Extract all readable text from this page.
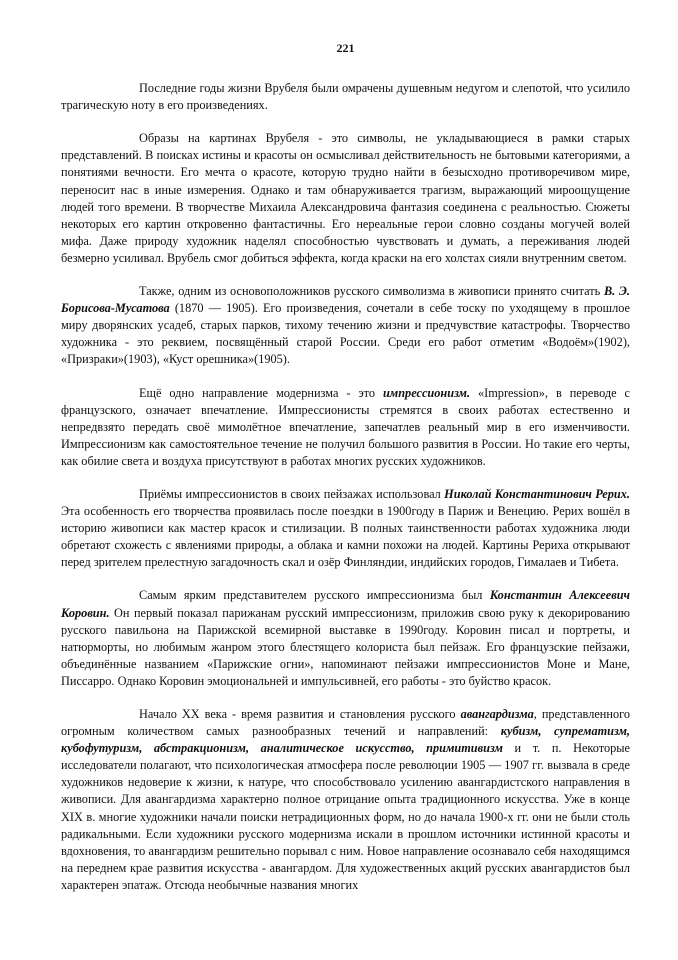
221

Последние годы жизни Врубеля были омрачены душевным недугом и слепотой, что усилило трагическую ноту в его произведениях.

Образы на картинах Врубеля - это символы, не укладывающиеся в рамки старых представлений. В поисках истины и красоты он осмысливал действительность не бытовыми категориями, а понятиями вечности. Его мечта о красоте, которую трудно найти в безысходно противоречивом мире, переносит нас в иные измерения. Однако и там обнаруживается трагизм, выражающий мироощущение людей того времени. В творчестве Михаила Александровича фантазия соединена с реальностью. Сюжеты некоторых его картин откровенно фантастичны. Его нереальные герои словно созданы могучей волей мифа. Даже природу художник наделял способностью чувствовать и думать, а переживания людей безмерно усиливал. Врубель смог добиться эффекта, когда краски на его холстах сияли внутренним светом.

Также, одним из основоположников русского символизма в живописи принято считать В. Э. Борисова-Мусатова (1870 — 1905). Его произведения, сочетали в себе тоску по уходящему в прошлое миру дворянских усадеб, старых парков, тихому течению жизни и предчувствие катастрофы. Творчество художника - это реквием, посвящённый старой России. Среди его работ отметим «Водоём»(1902), «Призраки»(1903), «Куст орешника»(1905).

Ещё одно направление модернизма - это импрессионизм. «Impression», в переводе с французского, означает впечатление. Импрессионисты стремятся в своих работах естественно и непредвзято передать своё мимолётное впечатление, запечатлев реальный мир в его изменчивости. Импрессионизм как самостоятельное течение не получил большого развития в России. Но такие его черты, как обилие света и воздуха присутствуют в работах многих русских художников.

Приёмы импрессионистов в своих пейзажах использовал Николай Константинович Рерих. Эта особенность его творчества проявилась после поездки в 1900году в Париж и Венецию. Рерих вошёл в историю живописи как мастер красок и стилизации. В полных таинственности работах художника люди обретают схожесть с явлениями природы, а облака и камни похожи на людей. Картины Рериха открывают перед зрителем прелестную загадочность скал и озёр Финляндии, индийских городов, Гималаев и Тибета.

Самым ярким представителем русского импрессионизма был Константин Алексеевич Коровин. Он первый показал парижанам русский импрессионизм, приложив свою руку к декорированию русского павильона на Парижской всемирной выставке в 1990году. Коровин писал и портреты, и натюрморты, но любимым жанром этого блестящего колориста был пейзаж. Его французские пейзажи, объединённые названием «Парижские огни», напоминают пейзажи импрессионистов Моне и Мане, Писсарро. Однако Коровин эмоциональней и импульсивней, его работы - это буйство красок.

Начало XX века - время развития и становления русского авангардизма, представленного огромным количеством самых разнообразных течений и направлений: кубизм, супрематизм, кубофутуризм, абстракционизм, аналитическое искусство, примитивизм и т. п. Некоторые исследователи полагают, что психологическая атмосфера после революции 1905 — 1907 гг. вызвала в среде художников недоверие к жизни, к натуре, что способствовало усилению авангардистского направления в живописи. Для авангардизма характерно полное отрицание опыта традиционного искусства. Уже в конце XIX в. многие художники начали поиски нетрадиционных форм, но до начала 1900-х гг. они не были столь радикальными. Если художники русского модернизма искали в прошлом источники истинной красоты и вдохновения, то авангардизм решительно порывал с ним. Новое направление осознавало себя находящимся на переднем крае развития искусства - авангардом. Для художественных акций русских авангардистов был характерен эпатаж. Отсюда необычные названия многих
